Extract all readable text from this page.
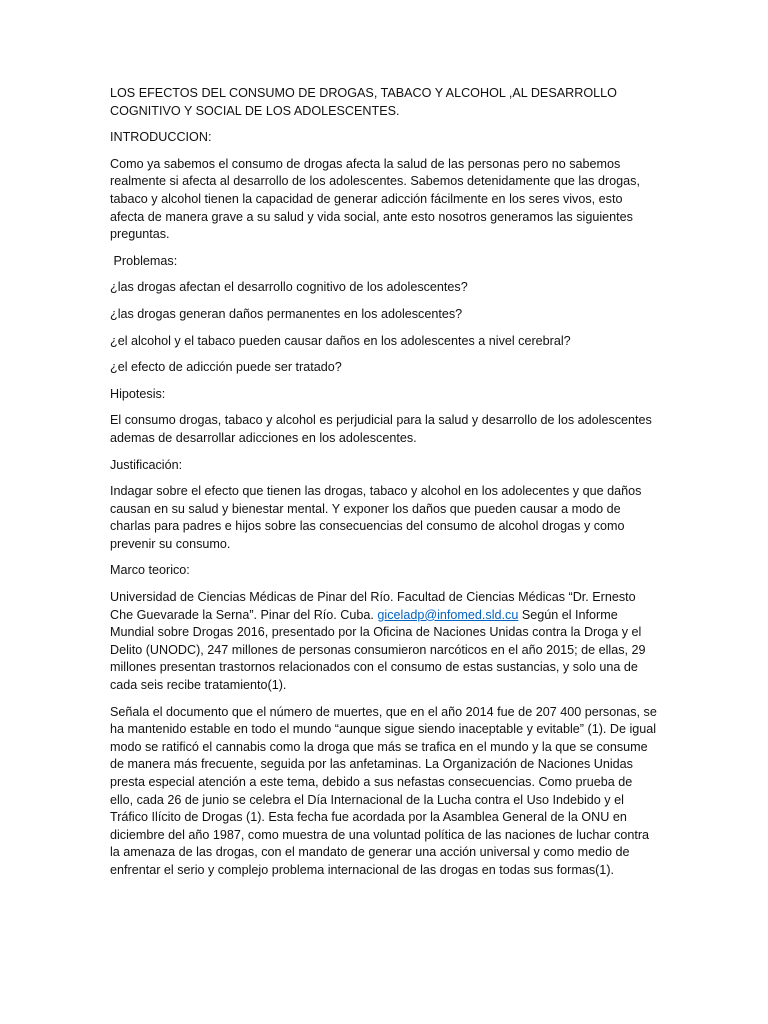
LOS EFECTOS DEL CONSUMO DE DROGAS, TABACO Y ALCOHOL ,AL DESARROLLO COGNITIVO Y SOCIAL DE LOS ADOLESCENTES.

INTRODUCCION:

Como ya sabemos el consumo de drogas afecta la salud de las personas pero no sabemos realmente si afecta al desarrollo de los adolescentes. Sabemos detenidamente que las drogas, tabaco y alcohol tienen la capacidad de generar adicción fácilmente en los seres vivos, esto afecta de manera grave a su salud y vida social, ante esto nosotros generamos las siguientes preguntas.

Problemas:

¿las drogas afectan el desarrollo cognitivo de los adolescentes?

¿las drogas generan daños permanentes en los adolescentes?

¿el alcohol y el tabaco pueden causar daños en los adolescentes a nivel cerebral?

¿el efecto de adicción puede ser tratado?

Hipotesis:

El consumo drogas, tabaco y alcohol es perjudicial para la salud y desarrollo de los adolescentes ademas de desarrollar adicciones en los adolescentes.

Justificación:

Indagar sobre el efecto que tienen las drogas, tabaco y alcohol en los adolecentes y que daños causan en su salud y bienestar mental. Y exponer los daños que pueden causar a modo de charlas para padres e hijos sobre las consecuencias del consumo de alcohol drogas y como prevenir su consumo.

Marco teorico:

Universidad de Ciencias Médicas de Pinar del Río. Facultad de Ciencias Médicas “Dr. Ernesto Che Guevarade la Serna”. Pinar del Río. Cuba. giceladp@infomed.sld.cu Según el Informe Mundial sobre Drogas 2016, presentado por la Oficina de Naciones Unidas contra la Droga y el Delito (UNODC), 247 millones de personas consumieron narcóticos en el año 2015; de ellas, 29 millones presentan trastornos relacionados con el consumo de estas sustancias, y solo una de cada seis recibe tratamiento(1).

Señala el documento que el número de muertes, que en el año 2014 fue de 207 400 personas, se ha mantenido estable en todo el mundo “aunque sigue siendo inaceptable y evitable” (1). De igual modo se ratificó el cannabis como la droga que más se trafica en el mundo y la que se consume de manera más frecuente, seguida por las anfetaminas. La Organización de Naciones Unidas presta especial atención a este tema, debido a sus nefastas consecuencias. Como prueba de ello, cada 26 de junio se celebra el Día Internacional de la Lucha contra el Uso Indebido y el Tráfico Ilícito de Drogas (1). Esta fecha fue acordada por la Asamblea General de la ONU en diciembre del año 1987, como muestra de una voluntad política de las naciones de luchar contra la amenaza de las drogas, con el mandato de generar una acción universal y como medio de enfrentar el serio y complejo problema internacional de las drogas en todas sus formas(1).
